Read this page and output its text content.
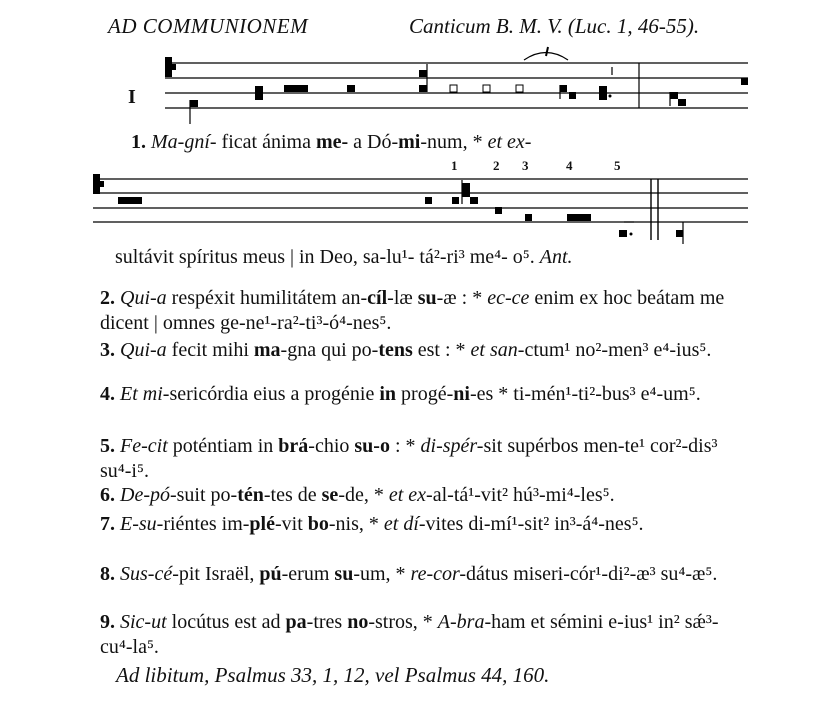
AD COMMUNIONEM	Canticum B. M. V. (Luc. 1, 46-55).
I
1. Ma-gní- ficat ánima me- a Dó-mi-num, * et ex-
1	2 3	4	5
sultávit spíritus meus | in Deo, sa-lu¹- tá²-ri³ me⁴- o⁵. Ant.
2. Qui-a respéxit humilitátem an-cíl-læ su-æ : * ec-ce enim ex hoc beátam me dicent | omnes ge-ne¹-ra²-ti³-ó⁴-nes⁵.
3. Qui-a fecit mihi ma-gna qui po-tens est : * et san-ctum¹ no²-men³ e⁴-ius⁵.
4. Et mi-sericórdia eius a progénie in progé-ni-es * ti-mén¹-ti²-bus³ e⁴-um⁵.
5. Fe-cit poténtiam in brá-chio su-o : * di-spér-sit supérbos men-te¹ cor²-dis³ su⁴-i⁵.
6. De-pó-suit po-tén-tes de se-de, * et ex-al-tá¹-vit² hú³-mi⁴-les⁵.
7. E-su-riéntes im-plé-vit bo-nis, * et dí-vites di-mí¹-sit² in³-á⁴-nes⁵.
8. Sus-cé-pit Israël, pú-erum su-um, * re-cor-dátus miseri-cór¹-di²-æ³ su⁴-æ⁵.
9. Sic-ut locútus est ad pa-tres no-stros, * A-bra-ham et sémini e-ius¹ in² sǽ³-cu⁴-la⁵.
Ad libitum, Psalmus 33, 1, 12, vel Psalmus 44, 160.
